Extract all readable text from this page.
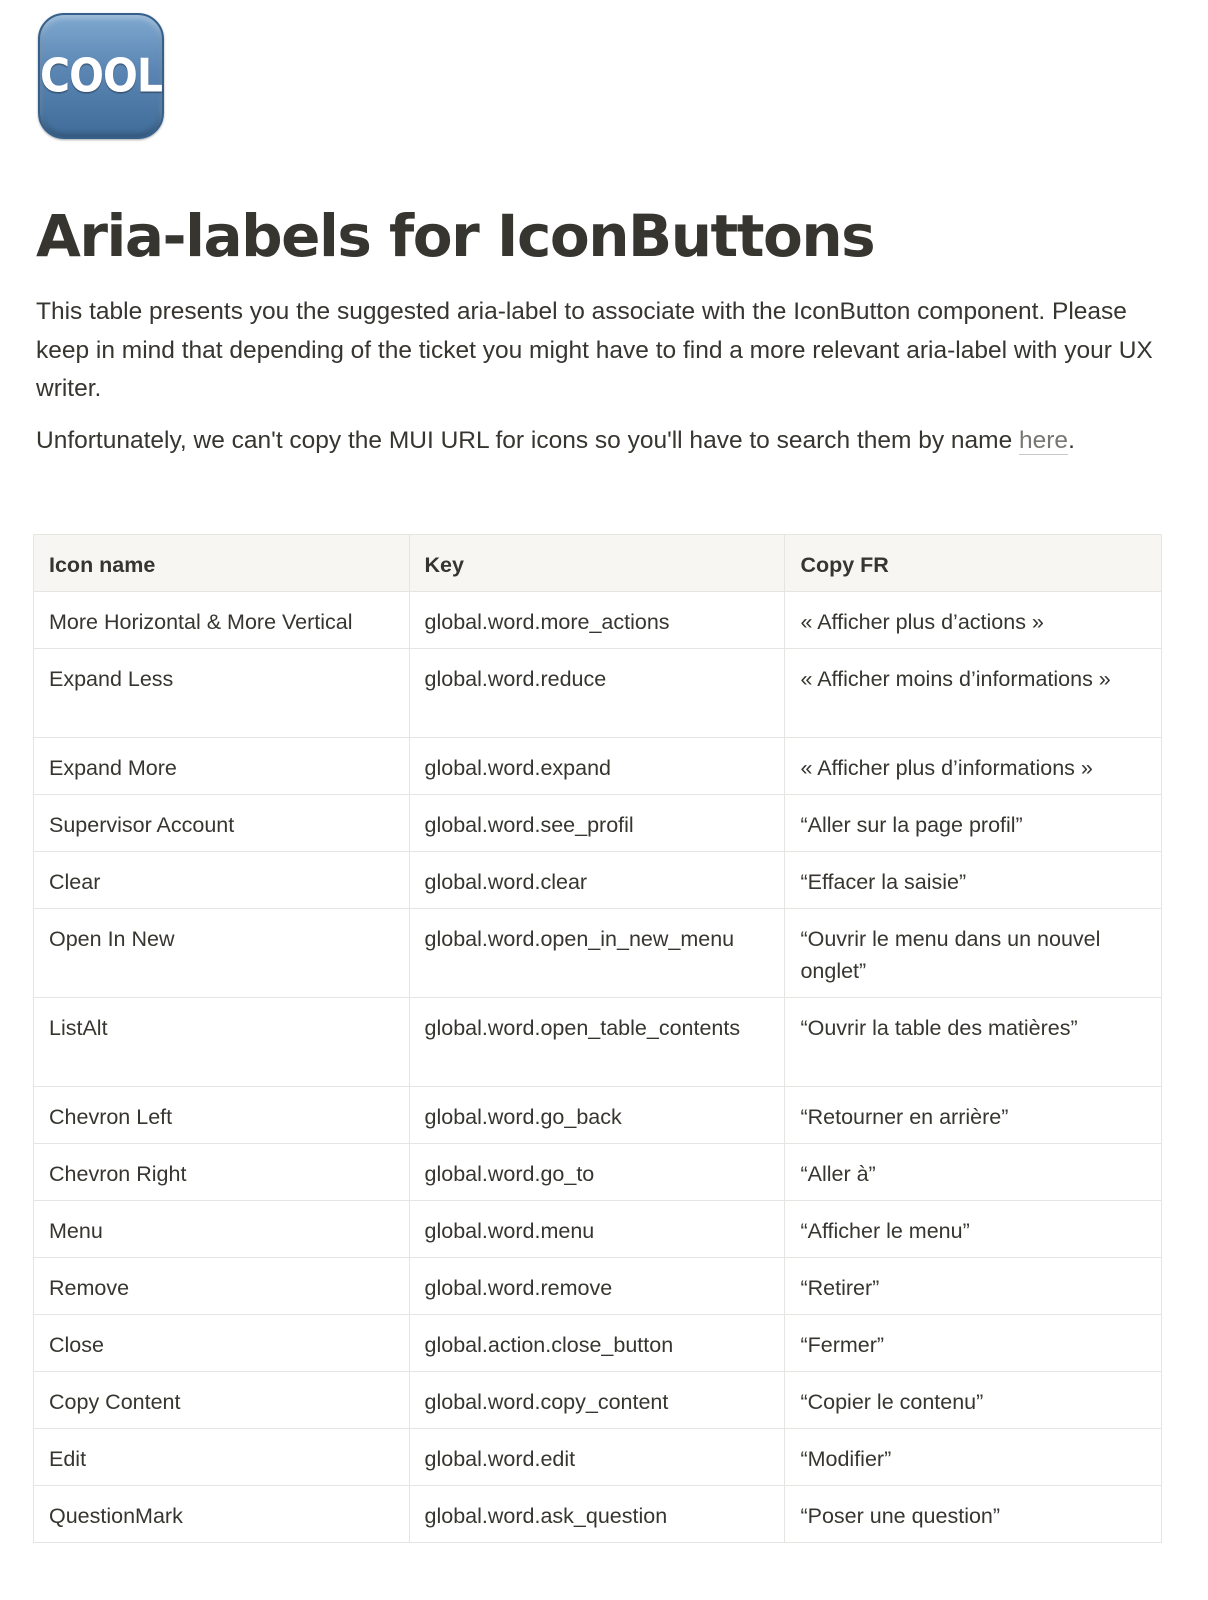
COOL
Aria-labels for IconButtons

This table presents you the suggested aria-label to associate with the IconButton component. Please keep in mind that depending of the ticket you might have to find a more relevant aria-label with your UX writer.

Unfortunately, we can't copy the MUI URL for icons so you'll have to search them by name here.

Icon name	Key	Copy FR
More Horizontal & More Vertical	global.word.more_actions	« Afficher plus d’actions »
Expand Less	global.word.reduce	« Afficher moins d’informations »
Expand More	global.word.expand	« Afficher plus d’informations »
Supervisor Account	global.word.see_profil	“Aller sur la page profil”
Clear	global.word.clear	“Effacer la saisie”
Open In New	global.word.open_in_new_menu	“Ouvrir le menu dans un nouvel onglet”
ListAlt	global.word.open_table_contents	“Ouvrir la table des matières”
Chevron Left	global.word.go_back	“Retourner en arrière”
Chevron Right	global.word.go_to	“Aller à”
Menu	global.word.menu	“Afficher le menu”
Remove	global.word.remove	“Retirer”
Close	global.action.close_button	“Fermer”
Copy Content	global.word.copy_content	“Copier le contenu”
Edit	global.word.edit	“Modifier”
QuestionMark	global.word.ask_question	“Poser une question”
